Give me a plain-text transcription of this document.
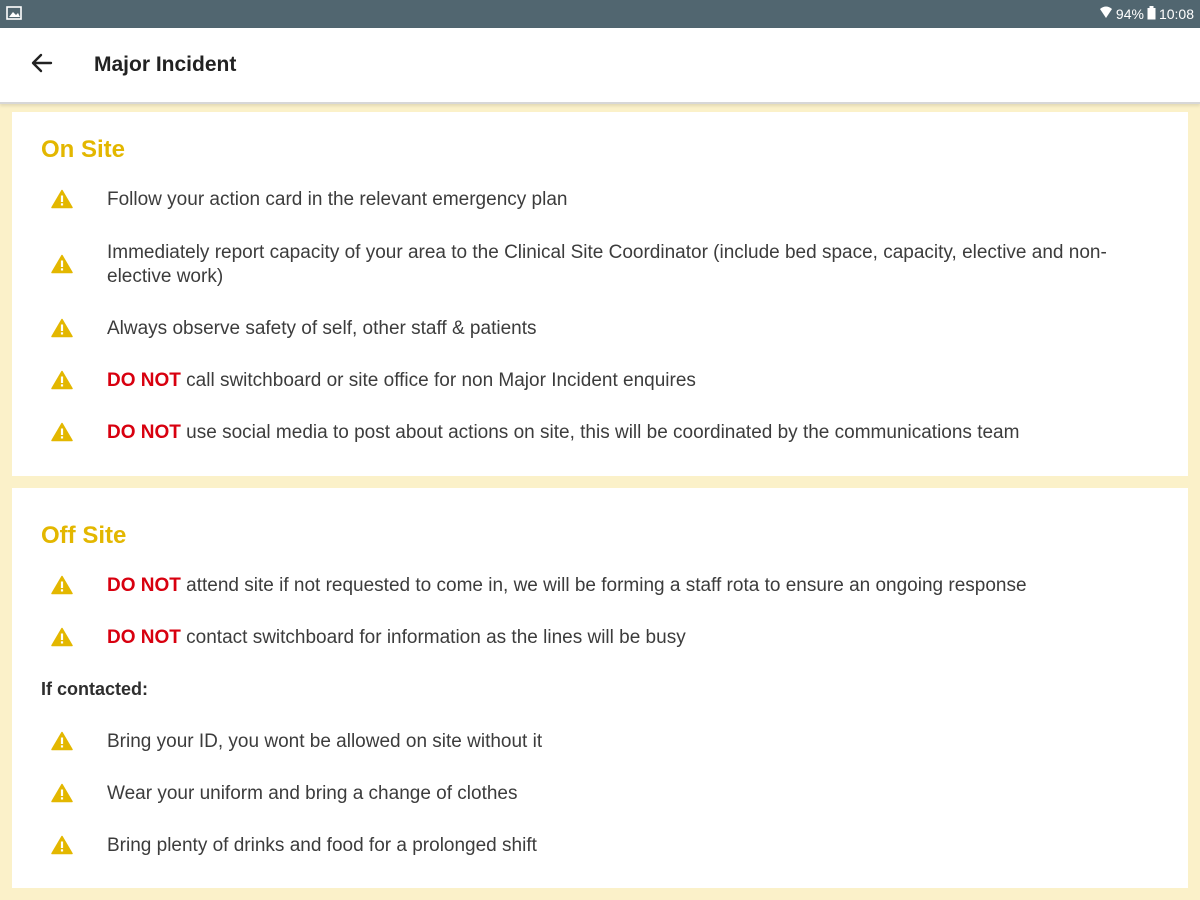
94% 10:08
Major Incident
On Site
Follow your action card in the relevant emergency plan
Immediately report capacity of your area to the Clinical Site Coordinator (include bed space, capacity, elective and non-elective work)
Always observe safety of self, other staff & patients
DO NOT call switchboard or site office for non Major Incident enquires
DO NOT use social media to post about actions on site, this will be coordinated by the communications team
Off Site
DO NOT attend site if not requested to come in, we will be forming a staff rota to ensure an ongoing response
DO NOT contact switchboard for information as the lines will be busy
If contacted:
Bring your ID, you wont be allowed on site without it
Wear your uniform and bring a change of clothes
Bring plenty of drinks and food for a prolonged shift
